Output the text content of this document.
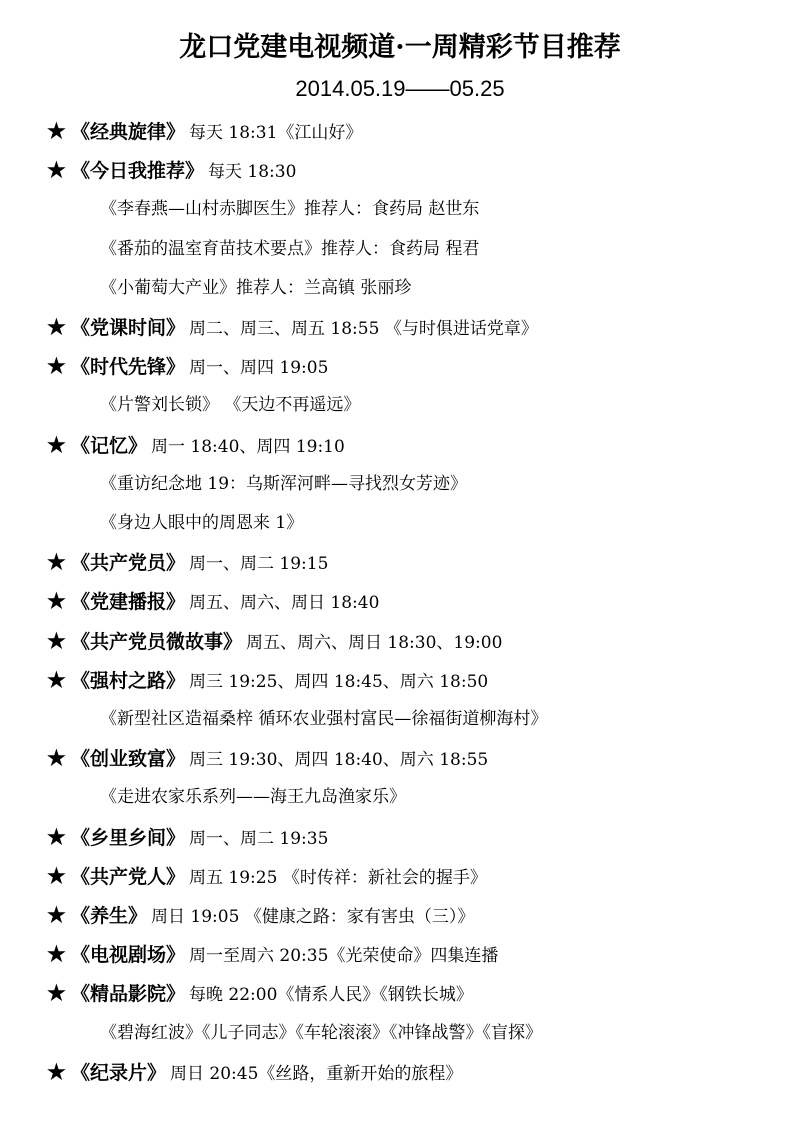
龙口党建电视频道·一周精彩节目推荐
2014.05.19——05.25
★ 《经典旋律》 每天 18:31《江山好》
★ 《今日我推荐》 每天 18:30
《李春燕—山村赤脚医生》推荐人：食药局 赵世东
《番茄的温室育苗技术要点》推荐人：食药局 程君
《小葡萄大产业》推荐人：兰高镇 张丽珍
★ 《党课时间》 周二、周三、周五 18:55 《与时俱进话党章》
★ 《时代先锋》 周一、周四 19:05
《片警刘长锁》 《天边不再遥远》
★ 《记忆》 周一 18:40、周四 19:10
《重访纪念地 19：乌斯浑河畔—寻找烈女芳迹》
《身边人眼中的周恩来 1》
★ 《共产党员》 周一、周二 19:15
★ 《党建播报》 周五、周六、周日 18:40
★ 《共产党员微故事》 周五、周六、周日 18:30、19:00
★ 《强村之路》 周三 19:25、周四 18:45、周六 18:50
《新型社区造福桑梓 循环农业强村富民—徐福街道柳海村》
★ 《创业致富》 周三 19:30、周四 18:40、周六 18:55
《走进农家乐系列——海王九岛渔家乐》
★ 《乡里乡间》 周一、周二 19:35
★ 《共产党人》 周五 19:25 《时传祥：新社会的握手》
★ 《养生》 周日 19:05 《健康之路：家有害虫（三）》
★ 《电视剧场》 周一至周六 20:35《光荣使命》四集连播
★ 《精品影院》 每晚 22:00《情系人民》《钢铁长城》
《碧海红波》《儿子同志》《车轮滚滚》《冲锋战警》《盲探》
★ 《纪录片》 周日 20:45《丝路，重新开始的旅程》
